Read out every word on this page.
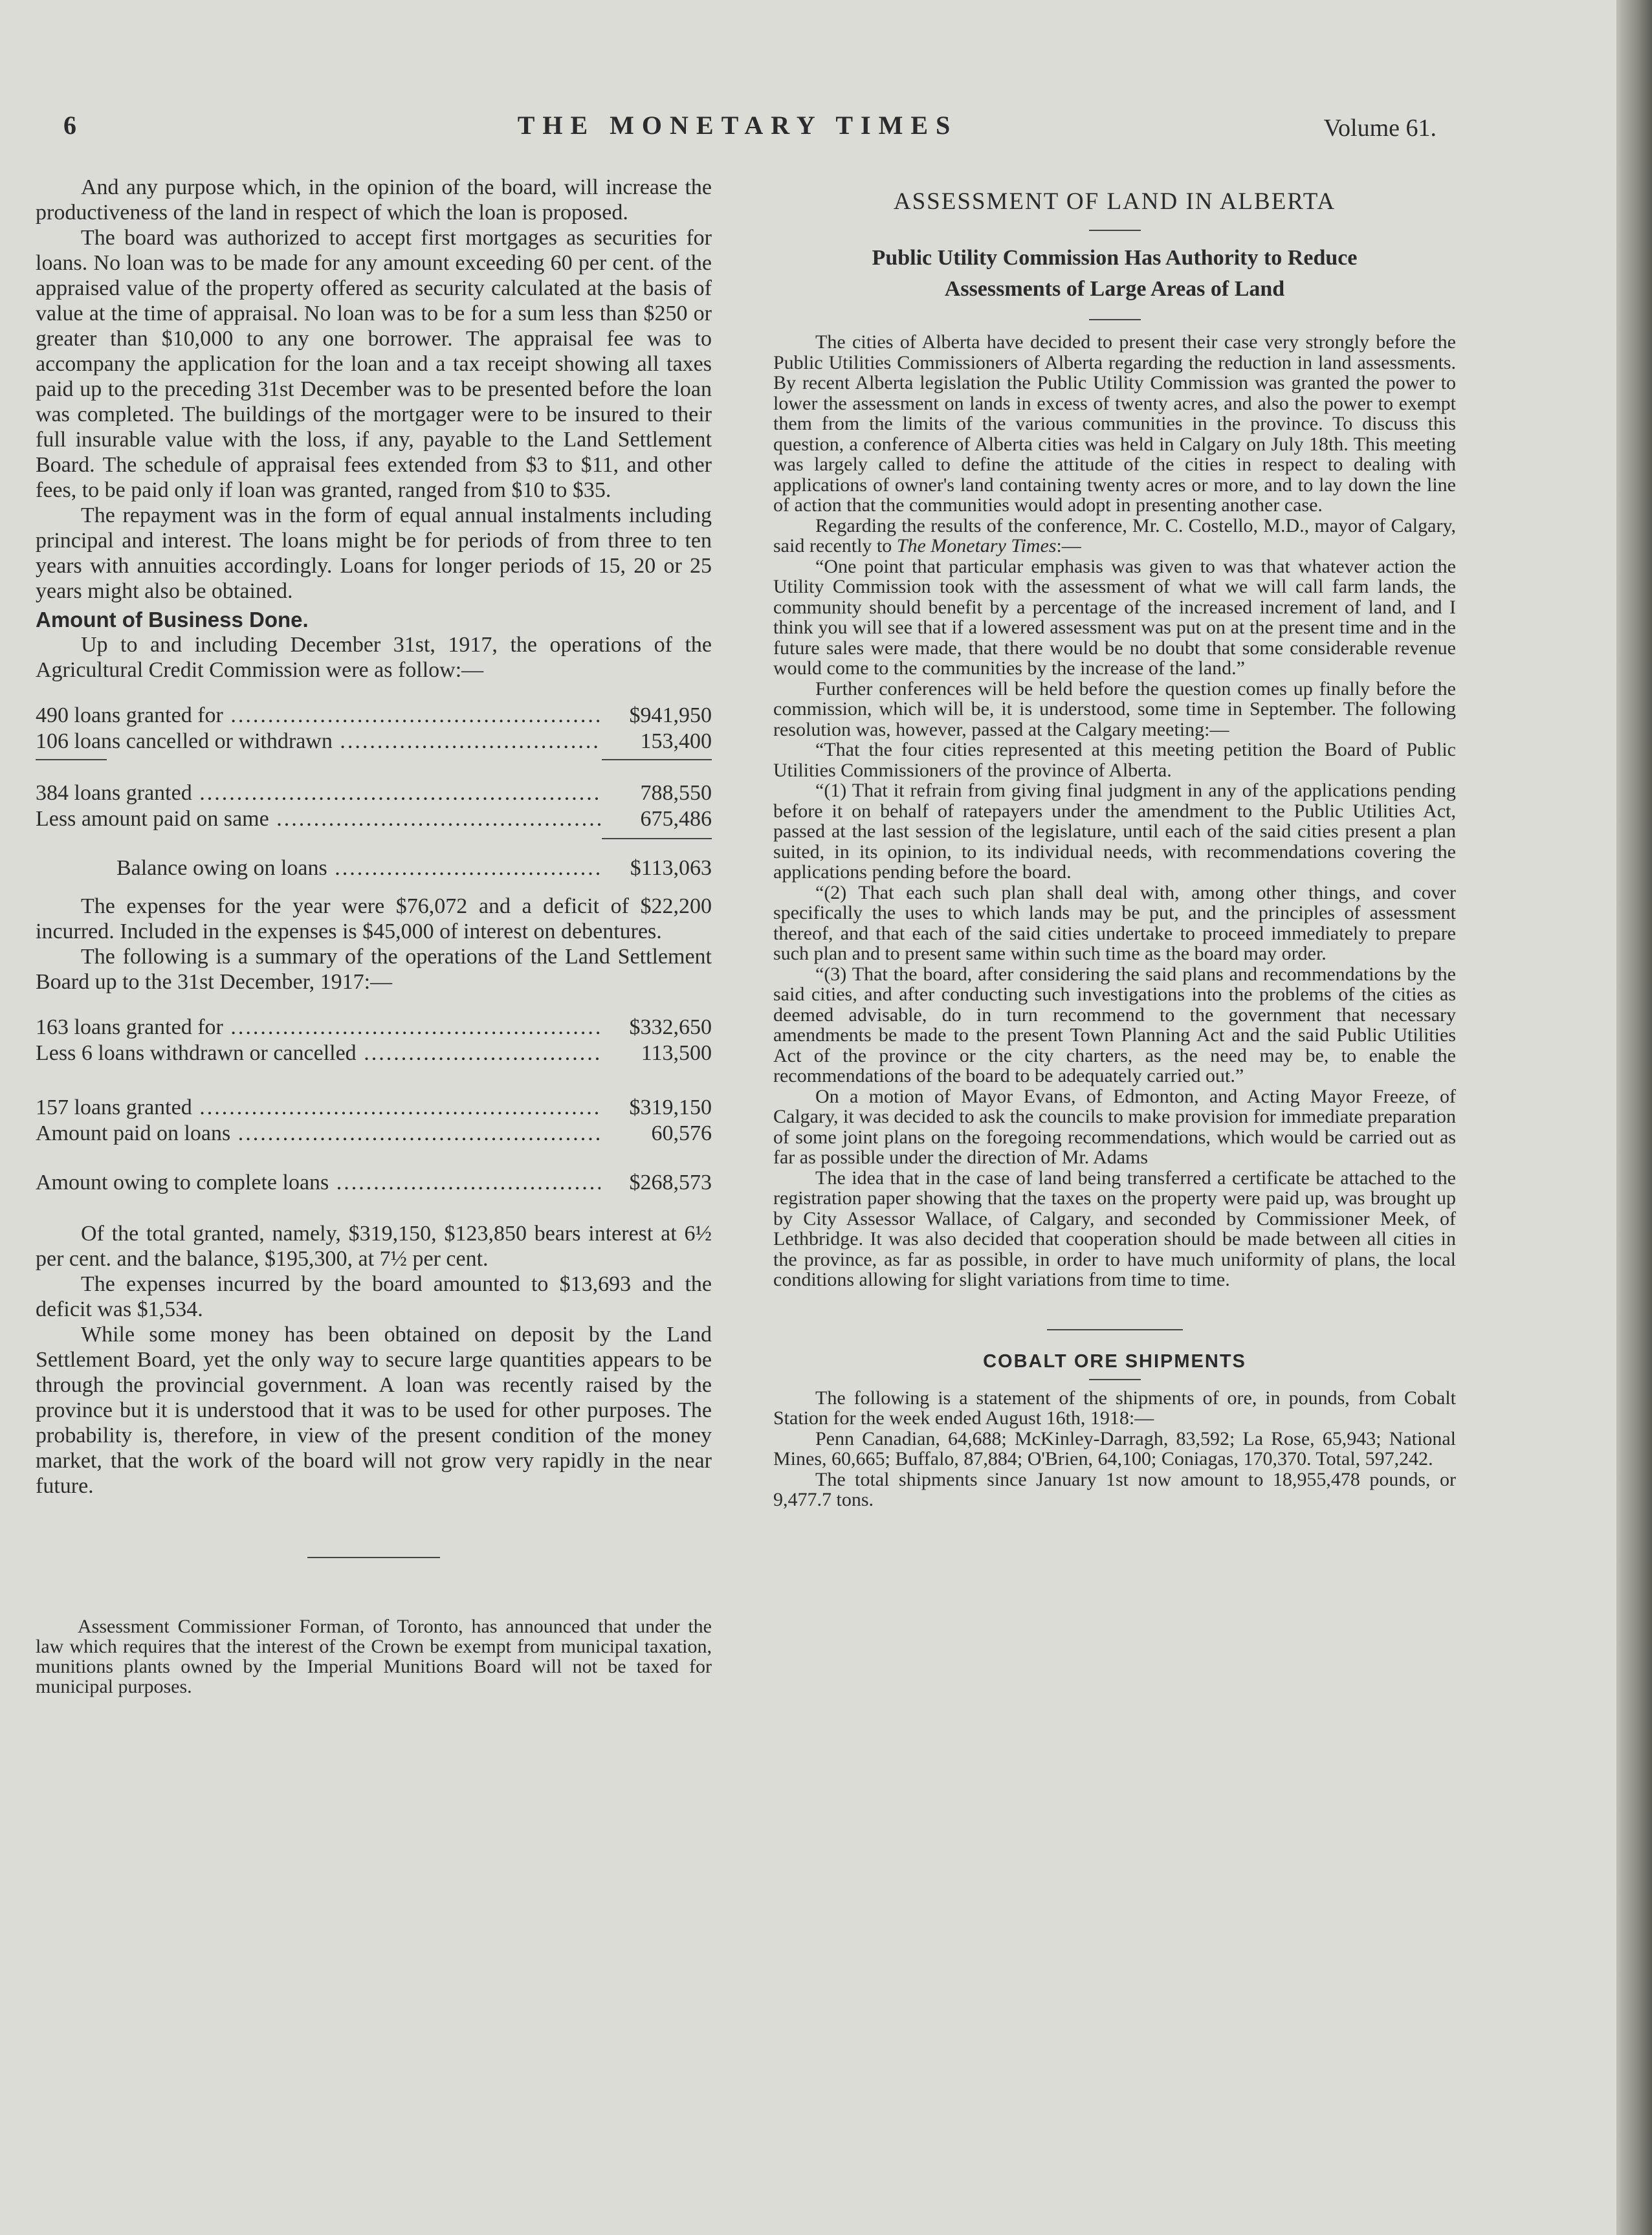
THE MONETARY TIMES
6	Volume 61.

And any purpose which, in the opinion of the board, will increase the productiveness of the land in respect of which the loan is proposed.

The board was authorized to accept first mortgages as securities for loans. No loan was to be made for any amount exceeding 60 per cent. of the appraised value of the property offered as security calculated at the basis of value at the time of appraisal. No loan was to be for a sum less than $250 or greater than $10,000 to any one borrower. The appraisal fee was to accompany the application for the loan and a tax receipt showing all taxes paid up to the preceding 31st December was to be presented before the loan was completed. The buildings of the mortgager were to be insured to their full insurable value with the loss, if any, payable to the Land Settlement Board. The schedule of appraisal fees extended from $3 to $11, and other fees, to be paid only if loan was granted, ranged from $10 to $35.

The repayment was in the form of equal annual instalments including principal and interest. The loans might be for periods of from three to ten years with annuities accordingly. Loans for longer periods of 15, 20 or 25 years might also be obtained.

Amount of Business Done.

Up to and including December 31st, 1917, the operations of the Agricultural Credit Commission were as follow:—

490 loans granted for .....	$941,950
106 loans cancelled or withdrawn .....	153,400
384 loans granted .....	788,550
Less amount paid on same .....	675,486
Balance owing on loans .....	$113,063

The expenses for the year were $76,072 and a deficit of $22,200 incurred. Included in the expenses is $45,000 of interest on debentures.

The following is a summary of the operations of the Land Settlement Board up to the 31st December, 1917:—

163 loans granted for .....	$332,650
Less 6 loans withdrawn or cancelled .....	113,500
157 loans granted .....	$319,150
Amount paid on loans .....	60,576
Amount owing to complete loans .....	$268,573

Of the total granted, namely, $319,150, $123,850 bears interest at 6½ per cent. and the balance, $195,300, at 7½ per cent.

The expenses incurred by the board amounted to $13,693 and the deficit was $1,534.

While some money has been obtained on deposit by the Land Settlement Board, yet the only way to secure large quantities appears to be through the provincial government. A loan was recently raised by the province but it is understood that it was to be used for other purposes. The probability is, therefore, in view of the present condition of the money market, that the work of the board will not grow very rapidly in the near future.

Assessment Commissioner Forman, of Toronto, has announced that under the law which requires that the interest of the Crown be exempt from municipal taxation, munitions plants owned by the Imperial Munitions Board will not be taxed for municipal purposes.

ASSESSMENT OF LAND IN ALBERTA
Public Utility Commission Has Authority to Reduce
Assessments of Large Areas of Land

The cities of Alberta have decided to present their case very strongly before the Public Utilities Commissioners of Alberta regarding the reduction in land assessments. By recent Alberta legislation the Public Utility Commission was granted the power to lower the assessment on lands in excess of twenty acres, and also the power to exempt them from the limits of the various communities in the province. To discuss this question, a conference of Alberta cities was held in Calgary on July 18th. This meeting was largely called to define the attitude of the cities in respect to dealing with applications of owner's land containing twenty acres or more, and to lay down the line of action that the communities would adopt in presenting another case.

Regarding the results of the conference, Mr. C. Costello, M.D., mayor of Calgary, said recently to The Monetary Times:—

“One point that particular emphasis was given to was that whatever action the Utility Commission took with the assessment of what we will call farm lands, the community should benefit by a percentage of the increased increment of land, and I think you will see that if a lowered assessment was put on at the present time and in the future sales were made, that there would be no doubt that some considerable revenue would come to the communities by the increase of the land.”

Further conferences will be held before the question comes up finally before the commission, which will be, it is understood, some time in September. The following resolution was, however, passed at the Calgary meeting:—

“That the four cities represented at this meeting petition the Board of Public Utilities Commissioners of the province of Alberta.

“(1) That it refrain from giving final judgment in any of the applications pending before it on behalf of ratepayers under the amendment to the Public Utilities Act, passed at the last session of the legislature, until each of the said cities present a plan suited, in its opinion, to its individual needs, with recommendations covering the applications pending before the board.

“(2) That each such plan shall deal with, among other things, and cover specifically the uses to which lands may be put, and the principles of assessment thereof, and that each of the said cities undertake to proceed immediately to prepare such plan and to present same within such time as the board may order.

“(3) That the board, after considering the said plans and recommendations by the said cities, and after conducting such investigations into the problems of the cities as deemed advisable, do in turn recommend to the government that necessary amendments be made to the present Town Planning Act and the said Public Utilities Act of the province or the city charters, as the need may be, to enable the recommendations of the board to be adequately carried out.”

On a motion of Mayor Evans, of Edmonton, and Acting Mayor Freeze, of Calgary, it was decided to ask the councils to make provision for immediate preparation of some joint plans on the foregoing recommendations, which would be carried out as far as possible under the direction of Mr. Adams

The idea that in the case of land being transferred a certificate be attached to the registration paper showing that the taxes on the property were paid up, was brought up by City Assessor Wallace, of Calgary, and seconded by Commissioner Meek, of Lethbridge. It was also decided that cooperation should be made between all cities in the province, as far as possible, in order to have much uniformity of plans, the local conditions allowing for slight variations from time to time.

COBALT ORE SHIPMENTS

The following is a statement of the shipments of ore, in pounds, from Cobalt Station for the week ended August 16th, 1918:—

Penn Canadian, 64,688; McKinley-Darragh, 83,592; La Rose, 65,943; National Mines, 60,665; Buffalo, 87,884; O'Brien, 64,100; Coniagas, 170,370. Total, 597,242.

The total shipments since January 1st now amount to 18,955,478 pounds, or 9,477.7 tons.
